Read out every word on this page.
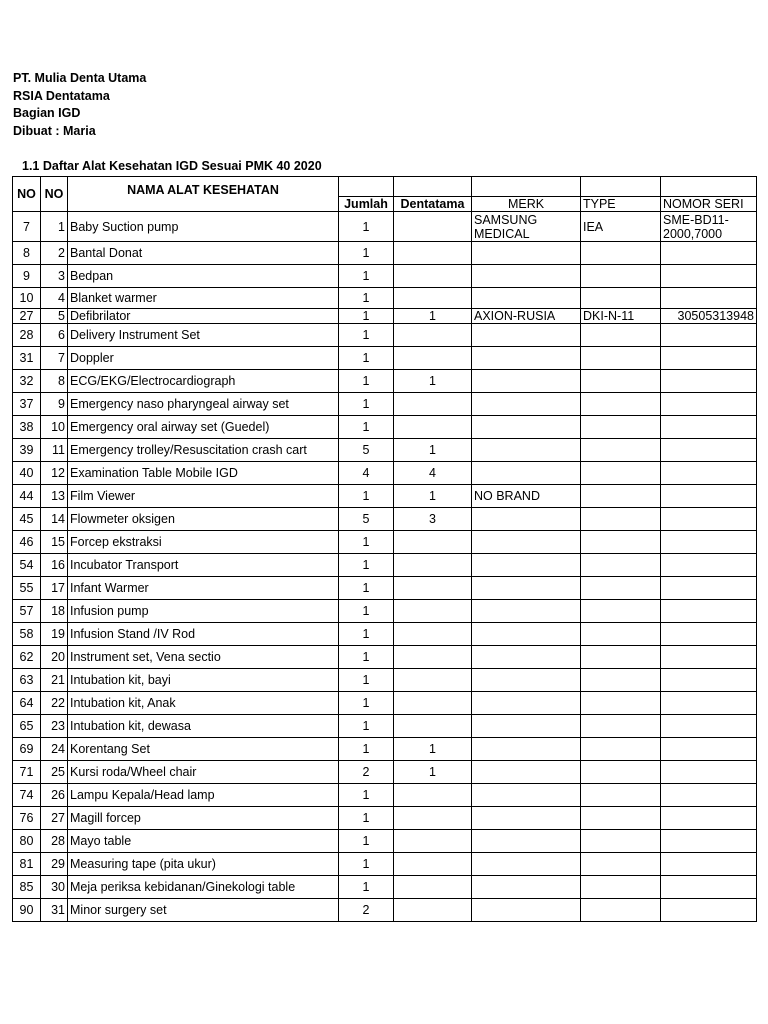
PT. Mulia Denta Utama
RSIA Dentatama
Bagian IGD
Dibuat : Maria
1.1 Daftar Alat Kesehatan IGD Sesuai PMK 40 2020
NO	NO	NAMA ALAT KESEHATAN					
			Jumlah	Dentatama	MERK	TYPE	NOMOR SERI
7	1	Baby Suction pump	1		SAMSUNG MEDICAL	IEA	SME-BD11-2000,7000
8	2	Bantal Donat	1				
9	3	Bedpan	1				
10	4	Blanket warmer	1				
27	5	Defibrilator	1	1	AXION-RUSIA	DKI-N-11	30505313948
28	6	Delivery Instrument Set	1				
31	7	Doppler	1				
32	8	ECG/EKG/Electrocardiograph	1	1			
37	9	Emergency naso pharyngeal airway set	1				
38	10	Emergency oral airway set (Guedel)	1				
39	11	Emergency trolley/Resuscitation crash cart	5	1			
40	12	Examination Table Mobile IGD	4	4			
44	13	Film Viewer	1	1	NO BRAND		
45	14	Flowmeter oksigen	5	3			
46	15	Forcep ekstraksi	1				
54	16	Incubator Transport	1				
55	17	Infant Warmer	1				
57	18	Infusion pump	1				
58	19	Infusion Stand /IV Rod	1				
62	20	Instrument set, Vena sectio	1				
63	21	Intubation kit, bayi	1				
64	22	Intubation kit, Anak	1				
65	23	Intubation kit, dewasa	1				
69	24	Korentang Set	1	1			
71	25	Kursi roda/Wheel chair	2	1			
74	26	Lampu Kepala/Head lamp	1				
76	27	Magill forcep	1				
80	28	Mayo table	1				
81	29	Measuring tape (pita ukur)	1				
85	30	Meja periksa kebidanan/Ginekologi table	1				
90	31	Minor surgery set	2				
